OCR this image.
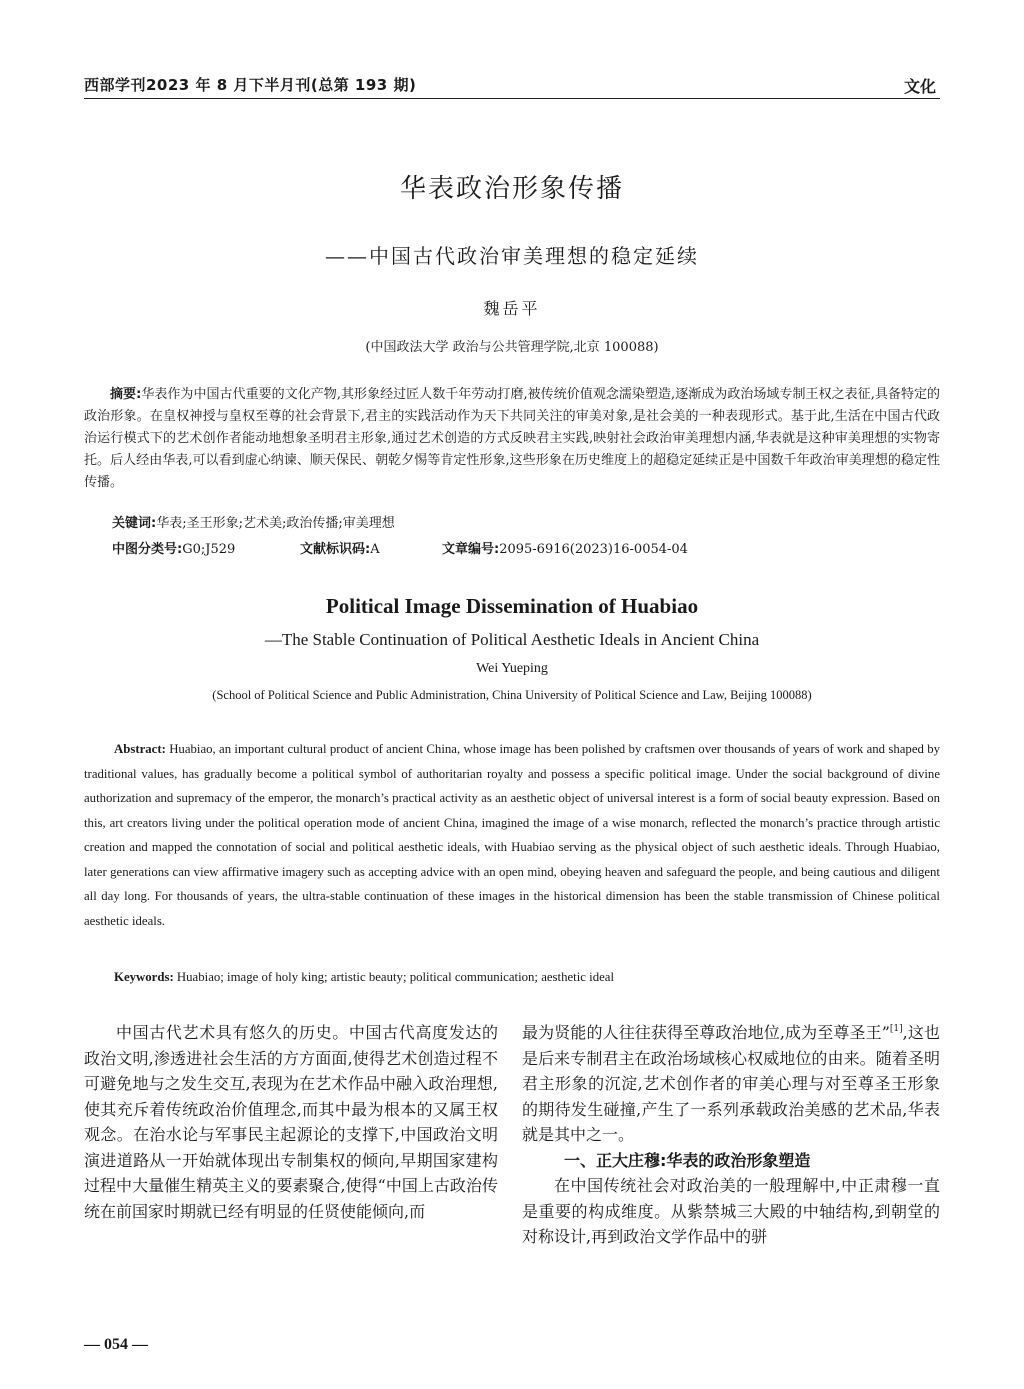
西部学刊2023 年 8 月下半月刊(总第 193 期)	文化
华表政治形象传播
——中国古代政治审美理想的稳定延续
魏岳平
(中国政法大学 政治与公共管理学院,北京 100088)
摘要:华表作为中国古代重要的文化产物,其形象经过匠人数千年劳动打磨,被传统价值观念濡染塑造,逐渐成为政治场域专制王权之表征,具备特定的政治形象。在皇权神授与皇权至尊的社会背景下,君主的实践活动作为天下共同关注的审美对象,是社会美的一种表现形式。基于此,生活在中国古代政治运行模式下的艺术创作者能动地想象圣明君主形象,通过艺术创造的方式反映君主实践,映射社会政治审美理想内涵,华表就是这种审美理想的实物寄托。后人经由华表,可以看到虚心纳谏、顺天保民、朝乾夕惕等肯定性形象,这些形象在历史维度上的超稳定延续正是中国数千年政治审美理想的稳定性传播。
关键词:华表;圣王形象;艺术美;政治传播;审美理想
中图分类号:G0;J529	文献标识码:A	文章编号:2095-6916(2023)16-0054-04
Political Image Dissemination of Huabiao
—The Stable Continuation of Political Aesthetic Ideals in Ancient China
Wei Yueping
(School of Political Science and Public Administration, China University of Political Science and Law, Beijing 100088)
Abstract: Huabiao, an important cultural product of ancient China, whose image has been polished by craftsmen over thousands of years of work and shaped by traditional values, has gradually become a political symbol of authoritarian royalty and possess a specific political image. Under the social background of divine authorization and supremacy of the emperor, the monarch’s practical activity as an aesthetic object of universal interest is a form of social beauty expression. Based on this, art creators living under the political operation mode of ancient China, imagined the image of a wise monarch, reflected the monarch’s practice through artistic creation and mapped the connotation of social and political aesthetic ideals, with Huabiao serving as the physical object of such aesthetic ideals. Through Huabiao, later generations can view affirmative imagery such as accepting advice with an open mind, obeying heaven and safeguard the people, and being cautious and diligent all day long. For thousands of years, the ultra-stable continuation of these images in the historical dimension has been the stable transmission of Chinese political aesthetic ideals.
Keywords: Huabiao; image of holy king; artistic beauty; political communication; aesthetic ideal

中国古代艺术具有悠久的历史。中国古代高度发达的政治文明,渗透进社会生活的方方面面,使得艺术创造过程不可避免地与之发生交互,表现为在艺术作品中融入政治理想,使其充斥着传统政治价值理念,而其中最为根本的又属王权观念。在治水论与军事民主起源论的支撑下,中国政治文明演进道路从一开始就体现出专制集权的倾向,早期国家建构过程中大量催生精英主义的要素聚合,使得“中国上古政治传统在前国家时期就已经有明显的任贤使能倾向,而

最为贤能的人往往获得至尊政治地位,成为至尊圣王”[1],这也是后来专制君主在政治场域核心权威地位的由来。随着圣明君主形象的沉淀,艺术创作者的审美心理与对至尊圣王形象的期待发生碰撞,产生了一系列承载政治美感的艺术品,华表就是其中之一。

一、正大庄穆:华表的政治形象塑造

在中国传统社会对政治美的一般理解中,中正肃穆一直是重要的构成维度。从紫禁城三大殿的中轴结构,到朝堂的对称设计,再到政治文学作品中的骈

— 054 —
